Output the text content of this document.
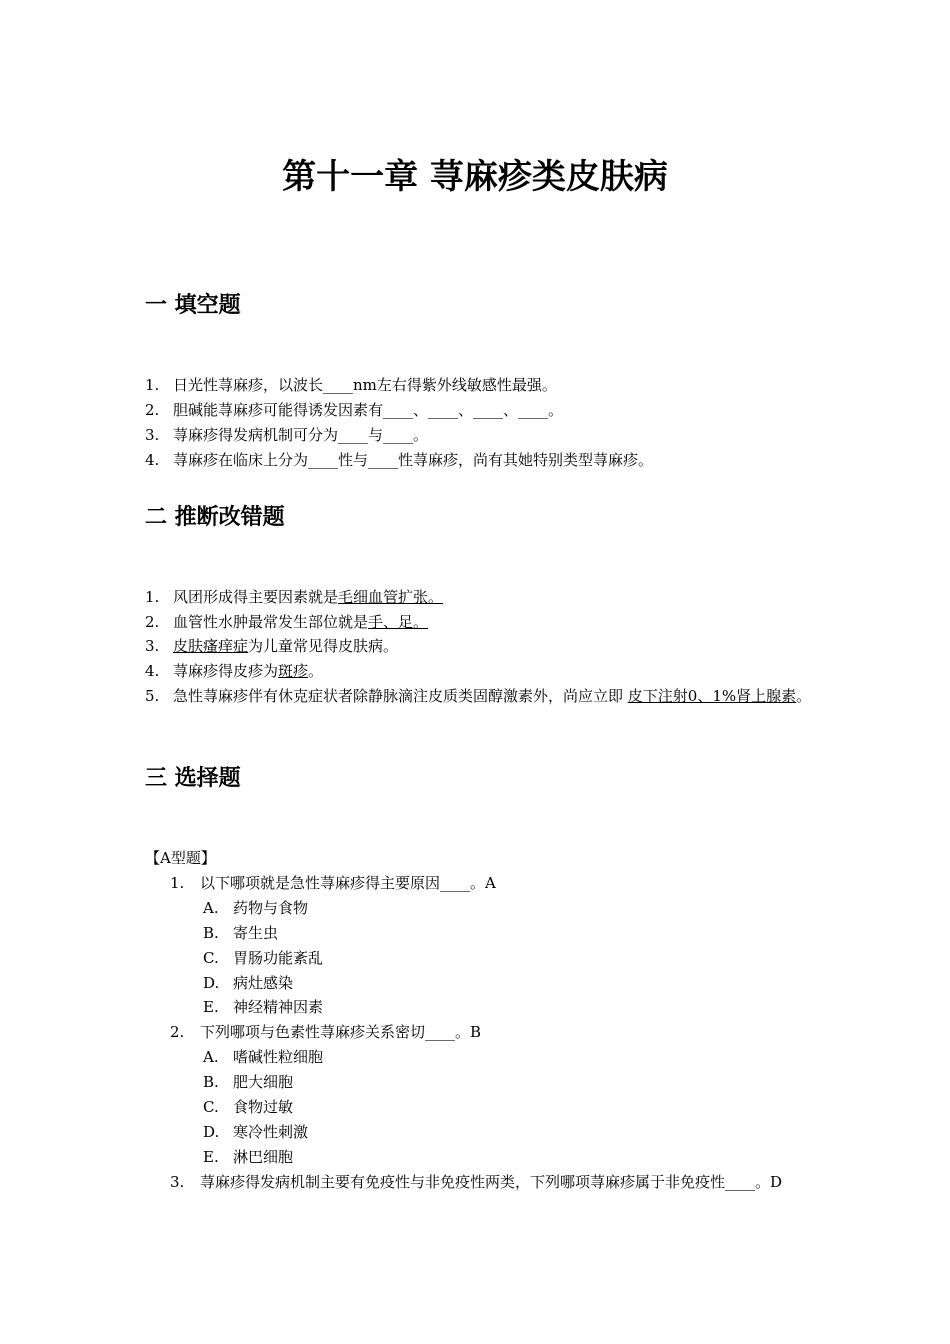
第十一章 荨麻疹类皮肤病
一 填空题
1. 日光性荨麻疹，以波长____nm左右得紫外线敏感性最强。
2. 胆碱能荨麻疹可能得诱发因素有____、____、____、____。
3. 荨麻疹得发病机制可分为____与____。
4. 荨麻疹在临床上分为____性与____性荨麻疹，尚有其她特别类型荨麻疹。
二 推断改错题
1. 风团形成得主要因素就是毛细血管扩张。
2. 血管性水肿最常发生部位就是手、足。
3. 皮肤瘙痒症为儿童常见得皮肤病。
4. 荨麻疹得皮疹为斑疹。
5. 急性荨麻疹伴有休克症状者除静脉滴注皮质类固醇激素外，尚应立即 皮下注射0、1%肾上腺素。
三 选择题
【A型题】
1. 以下哪项就是急性荨麻疹得主要原因____。A
A. 药物与食物
B. 寄生虫
C. 胃肠功能紊乱
D. 病灶感染
E. 神经精神因素
2. 下列哪项与色素性荨麻疹关系密切____。B
A. 嗜碱性粒细胞
B. 肥大细胞
C. 食物过敏
D. 寒冷性刺激
E. 淋巴细胞
3. 荨麻疹得发病机制主要有免疫性与非免疫性两类，下列哪项荨麻疹属于非免疫性____。D
